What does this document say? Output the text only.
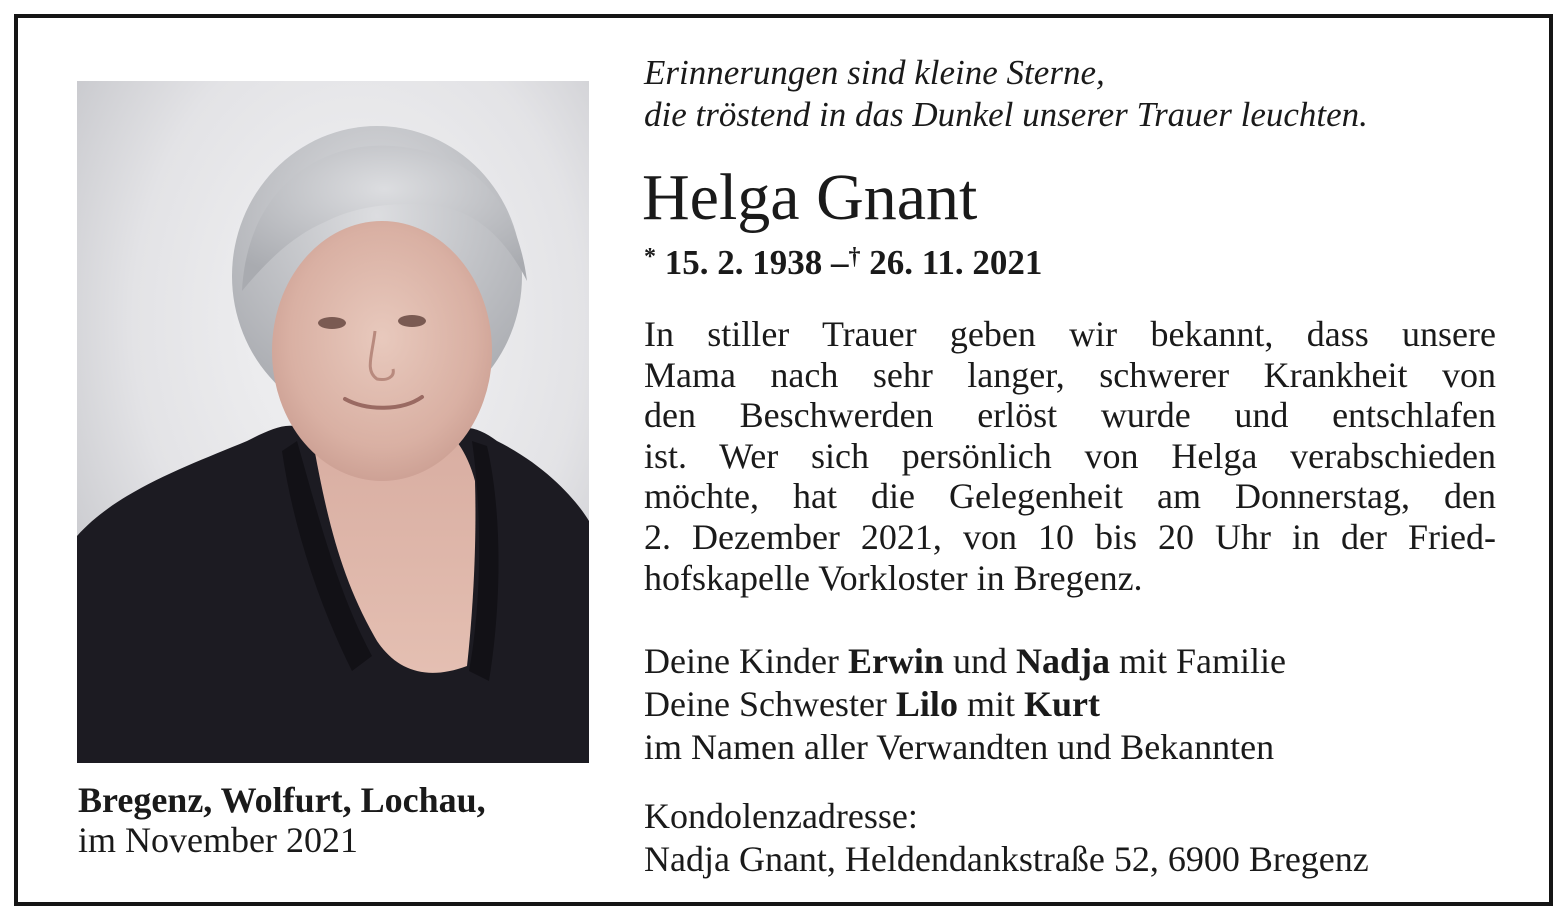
Bregenz, Wolfurt, Lochau,
im November 2021
Erinnerungen sind kleine Sterne,
die tröstend in das Dunkel unserer Trauer leuchten.
Helga Gnant
* 15. 2. 1938 –† 26. 11. 2021
In stiller Trauer geben wir bekannt, dass unsere
Mama nach sehr langer, schwerer Krankheit von
den Beschwerden erlöst wurde und entschlafen
ist. Wer sich persönlich von Helga verabschieden
möchte, hat die Gelegenheit am Donnerstag, den
2. Dezember 2021, von 10 bis 20 Uhr in der Fried-
hofskapelle Vorkloster in Bregenz.
Deine Kinder Erwin und Nadja mit Familie
Deine Schwester Lilo mit Kurt
im Namen aller Verwandten und Bekannten
Kondolenzadresse:
Nadja Gnant, Heldendankstraße 52, 6900 Bregenz
